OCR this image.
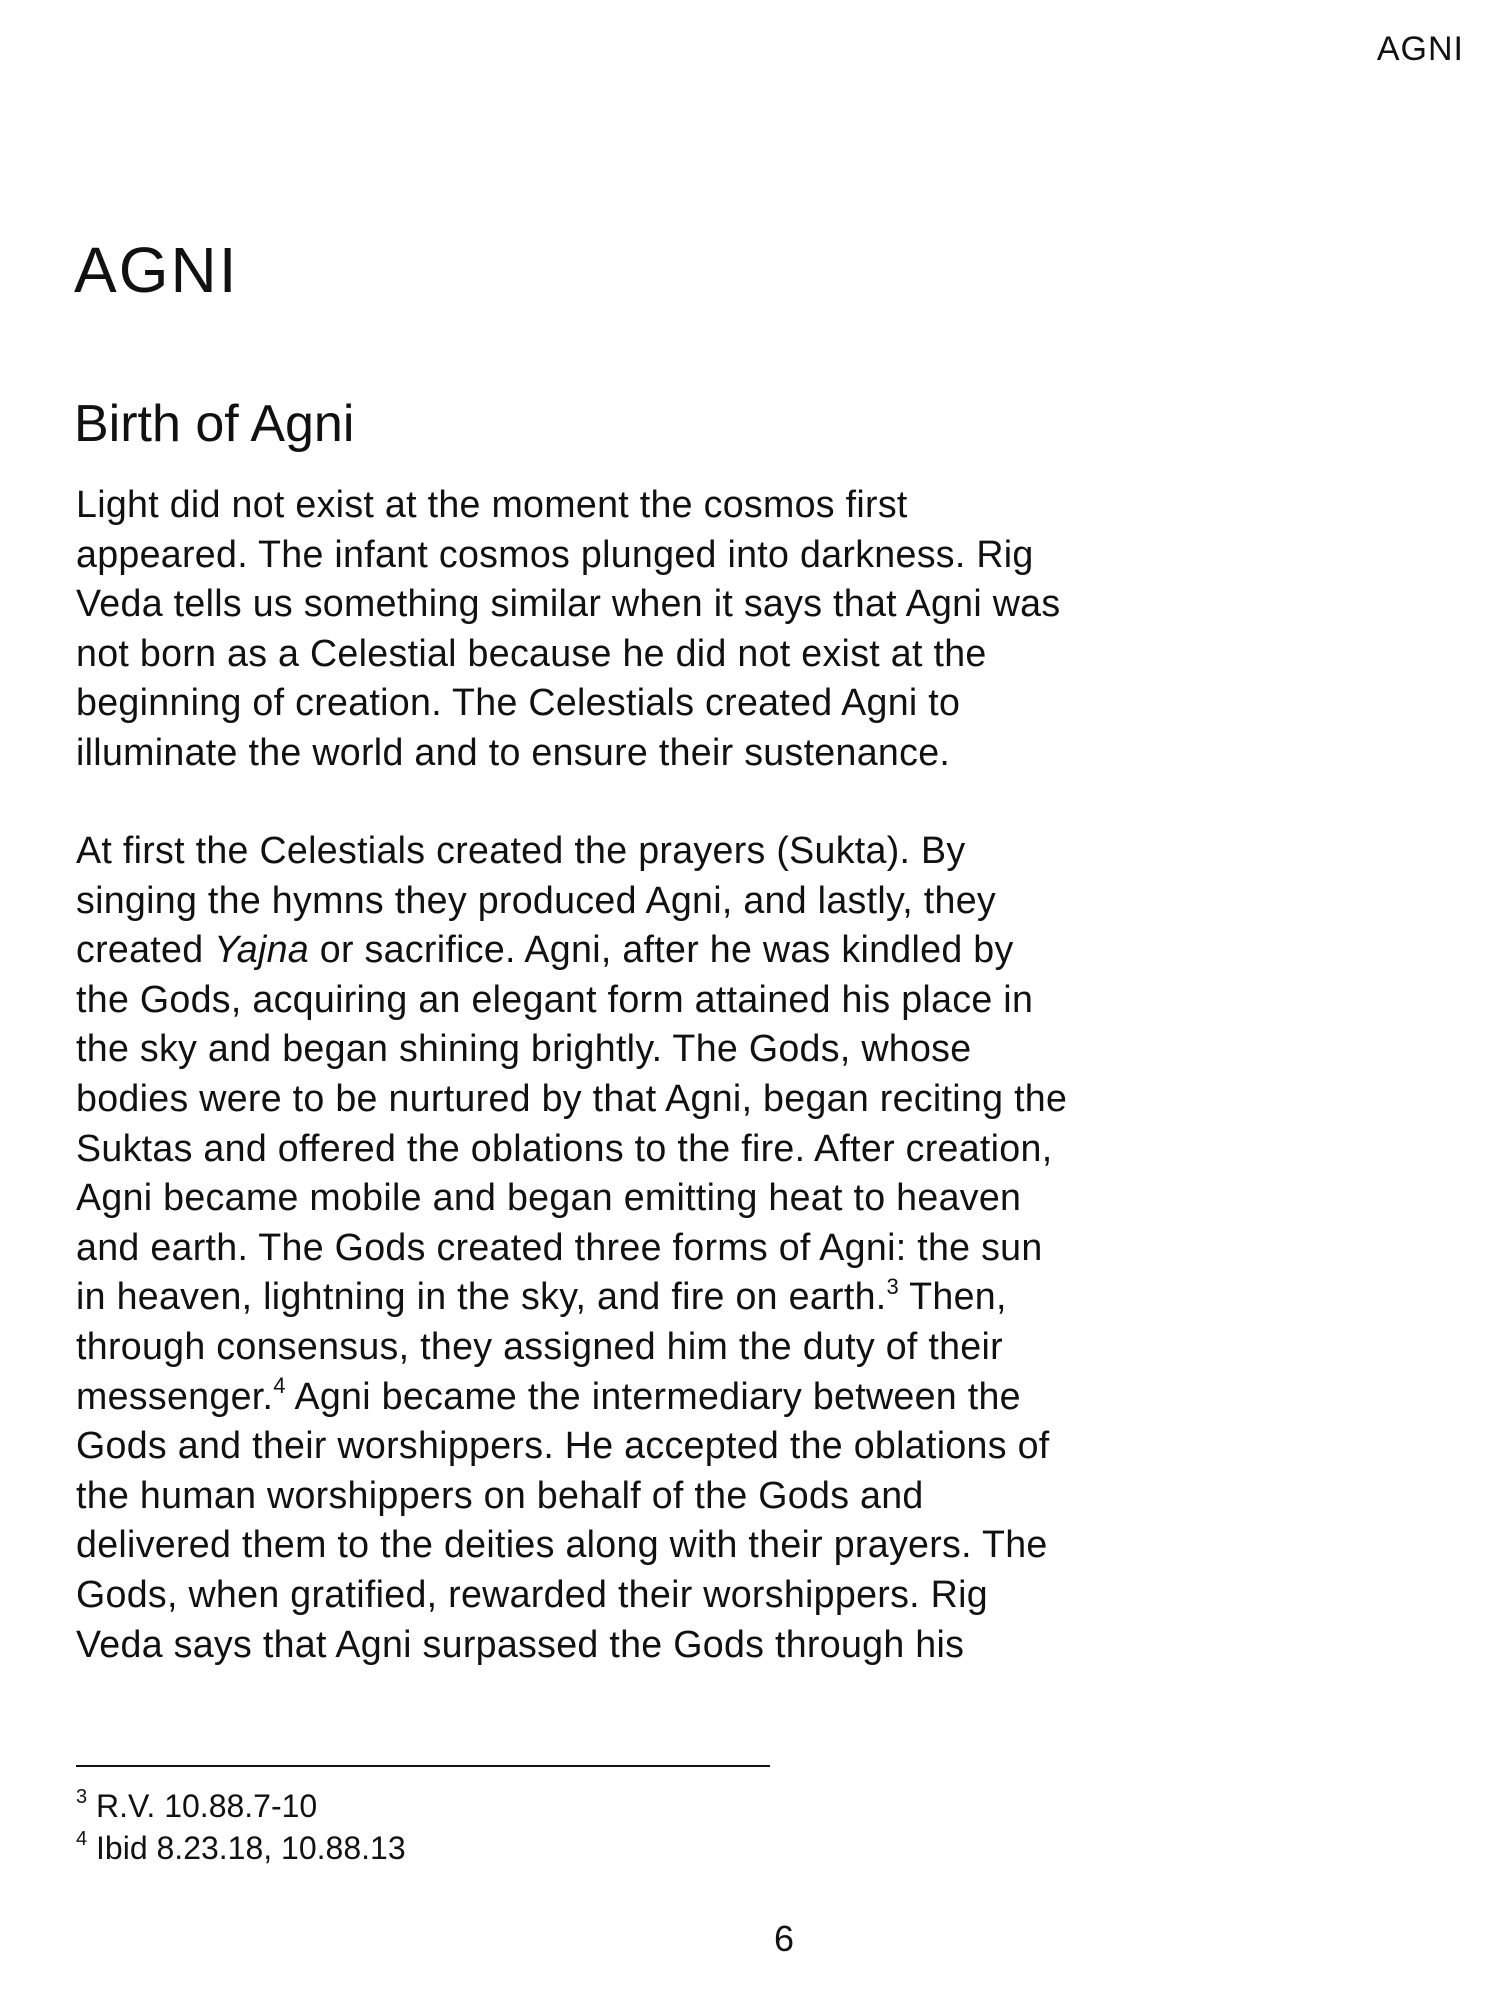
AGNI
AGNI
Birth of Agni

Light did not exist at the moment the cosmos first
appeared. The infant cosmos plunged into darkness. Rig
Veda tells us something similar when it says that Agni was
not born as a Celestial because he did not exist at the
beginning of creation. The Celestials created Agni to
illuminate the world and to ensure their sustenance.

At first the Celestials created the prayers (Sukta). By
singing the hymns they produced Agni, and lastly, they
created Yajna or sacrifice. Agni, after he was kindled by
the Gods, acquiring an elegant form attained his place in
the sky and began shining brightly. The Gods, whose
bodies were to be nurtured by that Agni, began reciting the
Suktas and offered the oblations to the fire. After creation,
Agni became mobile and began emitting heat to heaven
and earth. The Gods created three forms of Agni: the sun
in heaven, lightning in the sky, and fire on earth.$^3$ Then,
through consensus, they assigned him the duty of their
messenger.$^4$ Agni became the intermediary between the
Gods and their worshippers. He accepted the oblations of
the human worshippers on behalf of the Gods and
delivered them to the deities along with their prayers. The
Gods, when gratified, rewarded their worshippers. Rig
Veda says that Agni surpassed the Gods through his

$^3$ R.V. 10.88.7-10
$^4$ Ibid 8.23.18, 10.88.13
6
